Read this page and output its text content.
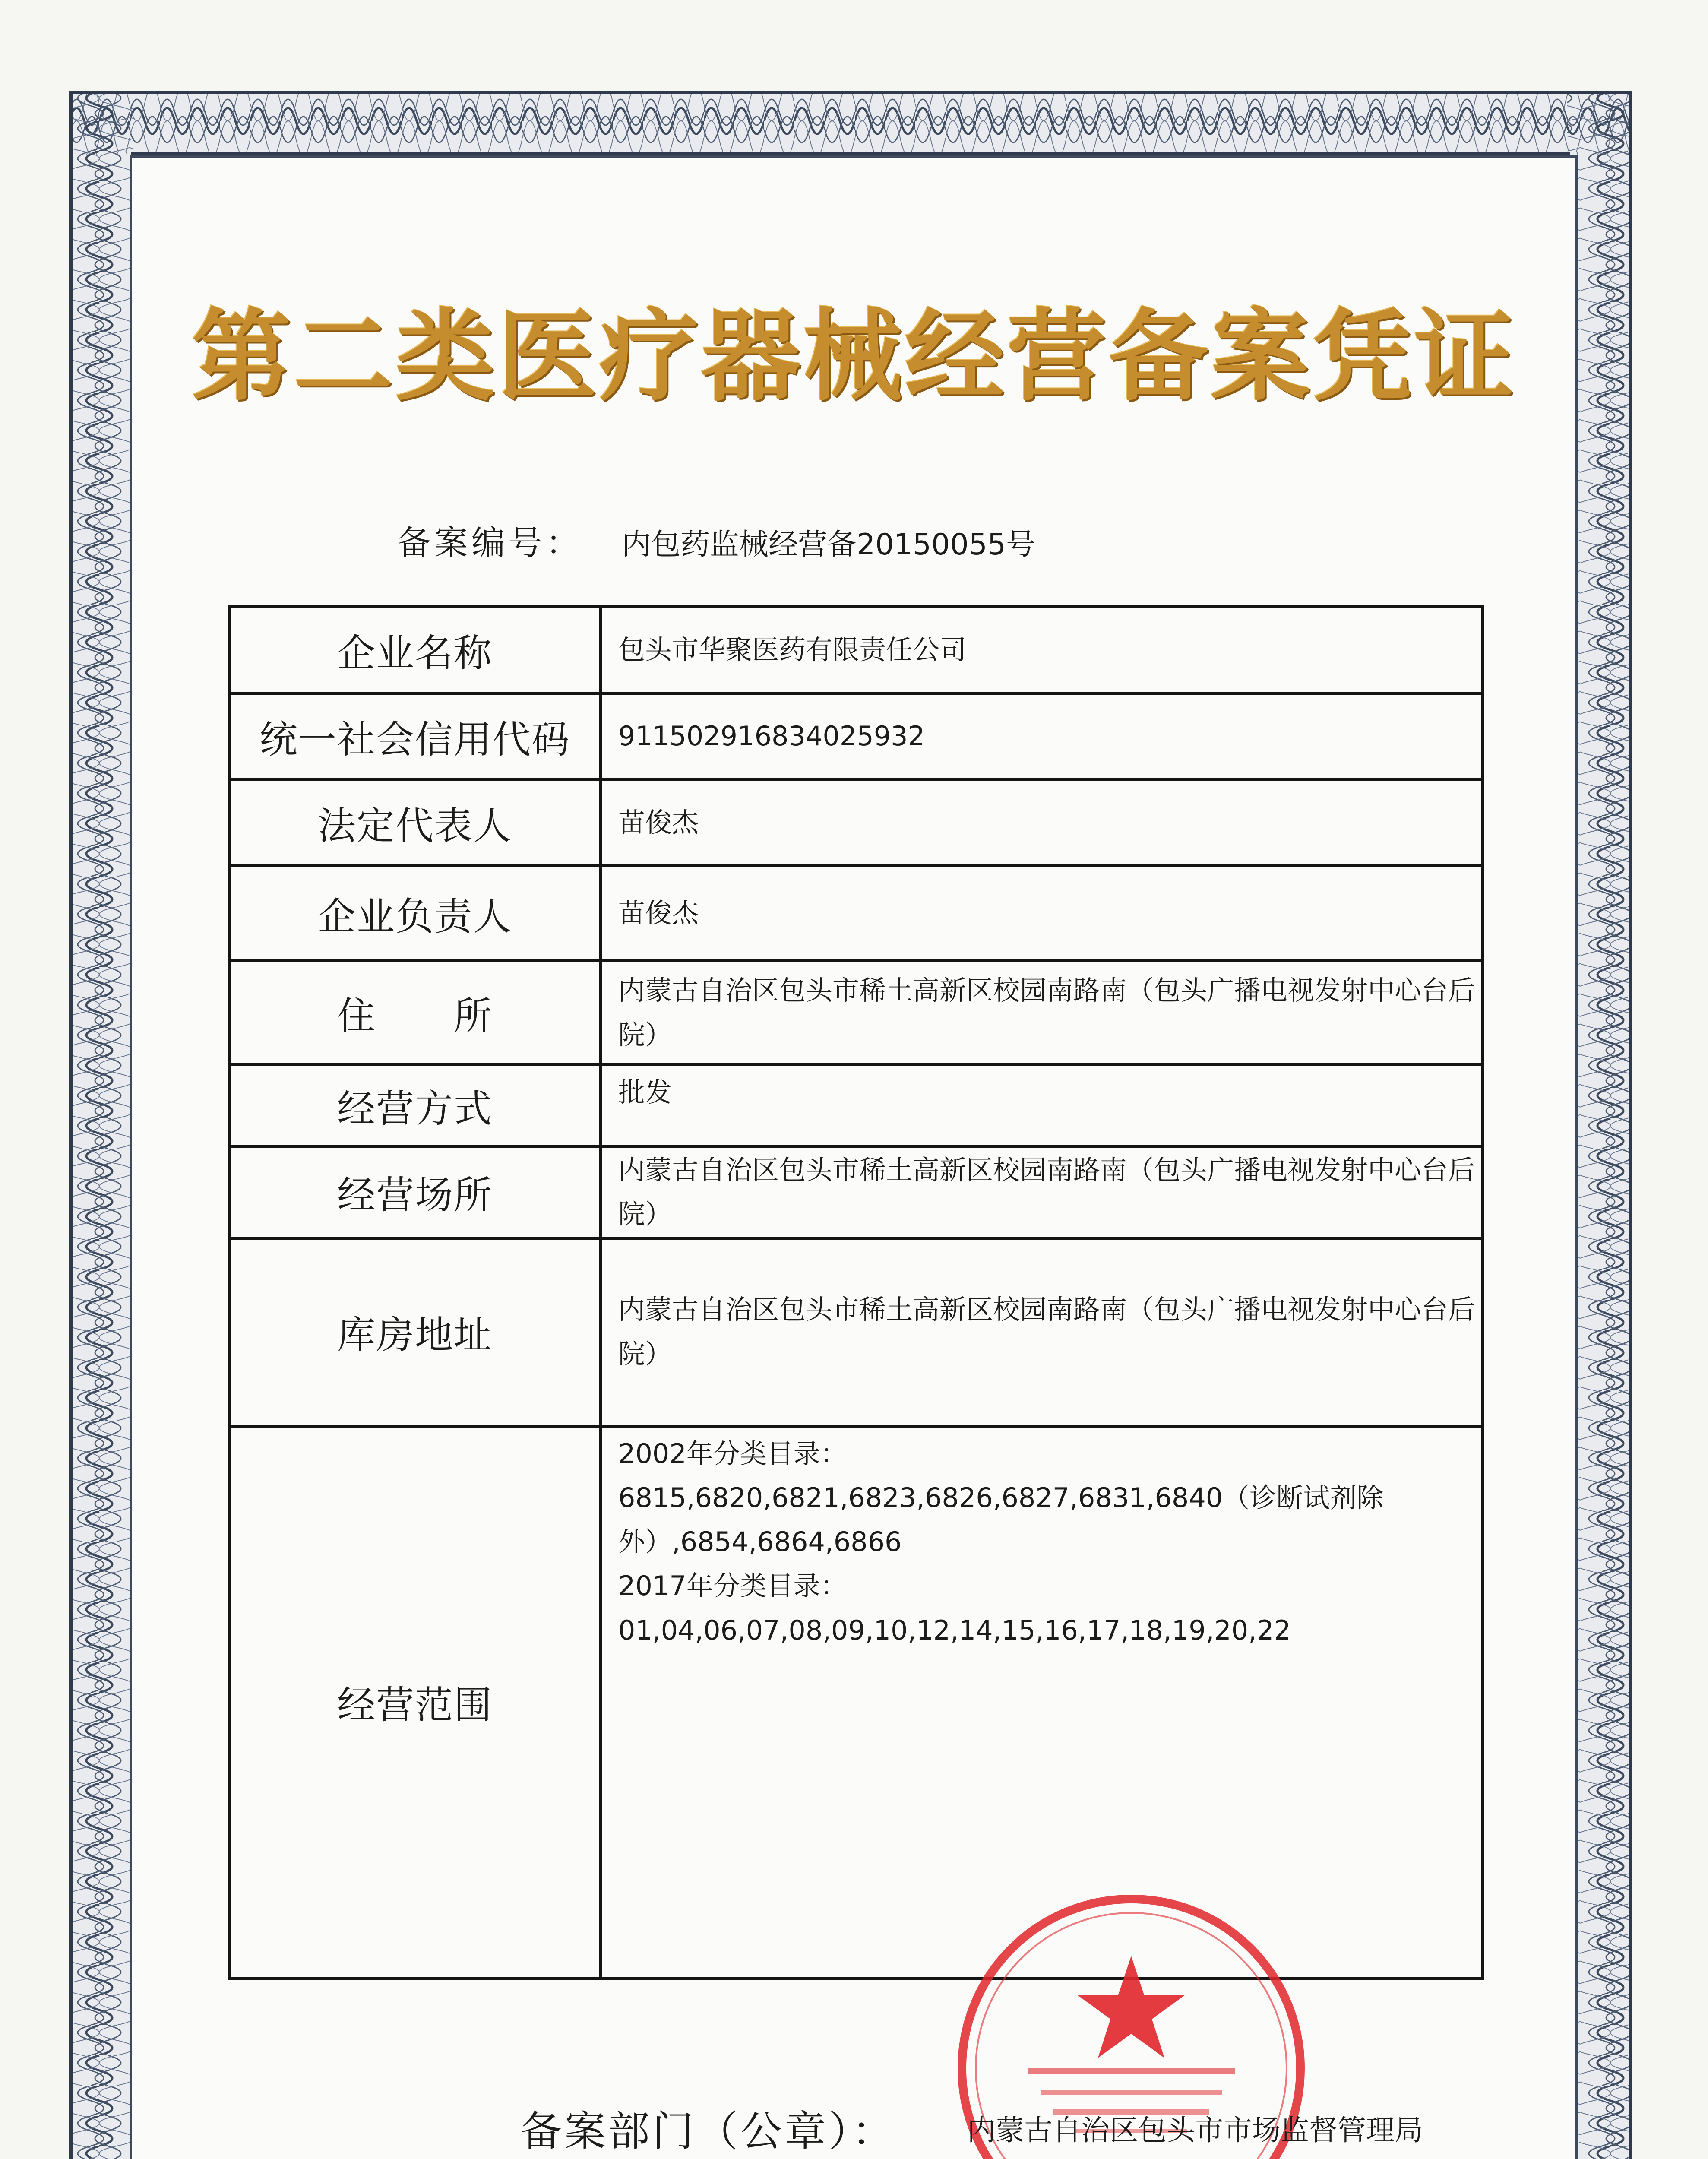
第二类医疗器械经营备案凭证
备案编号： 内包药监械经营备20150055号
企业名称	包头市华聚医药有限责任公司
统一社会信用代码	911502916834025932
法定代表人	苗俊杰
企业负责人	苗俊杰
住　　所	内蒙古自治区包头市稀土高新区校园南路南（包头广播电视发射中心台后院）
经营方式	批发
经营场所	内蒙古自治区包头市稀土高新区校园南路南（包头广播电视发射中心台后院）
库房地址	内蒙古自治区包头市稀土高新区校园南路南（包头广播电视发射中心台后院）
经营范围	2002年分类目录：
6815,6820,6821,6823,6826,6827,6831,6840（诊断试剂除外）,6854,6864,6866
2017年分类目录：
01,04,06,07,08,09,10,12,14,15,16,17,18,19,20,22
备案部门（公章）：	内蒙古自治区包头市市场监督管理局
